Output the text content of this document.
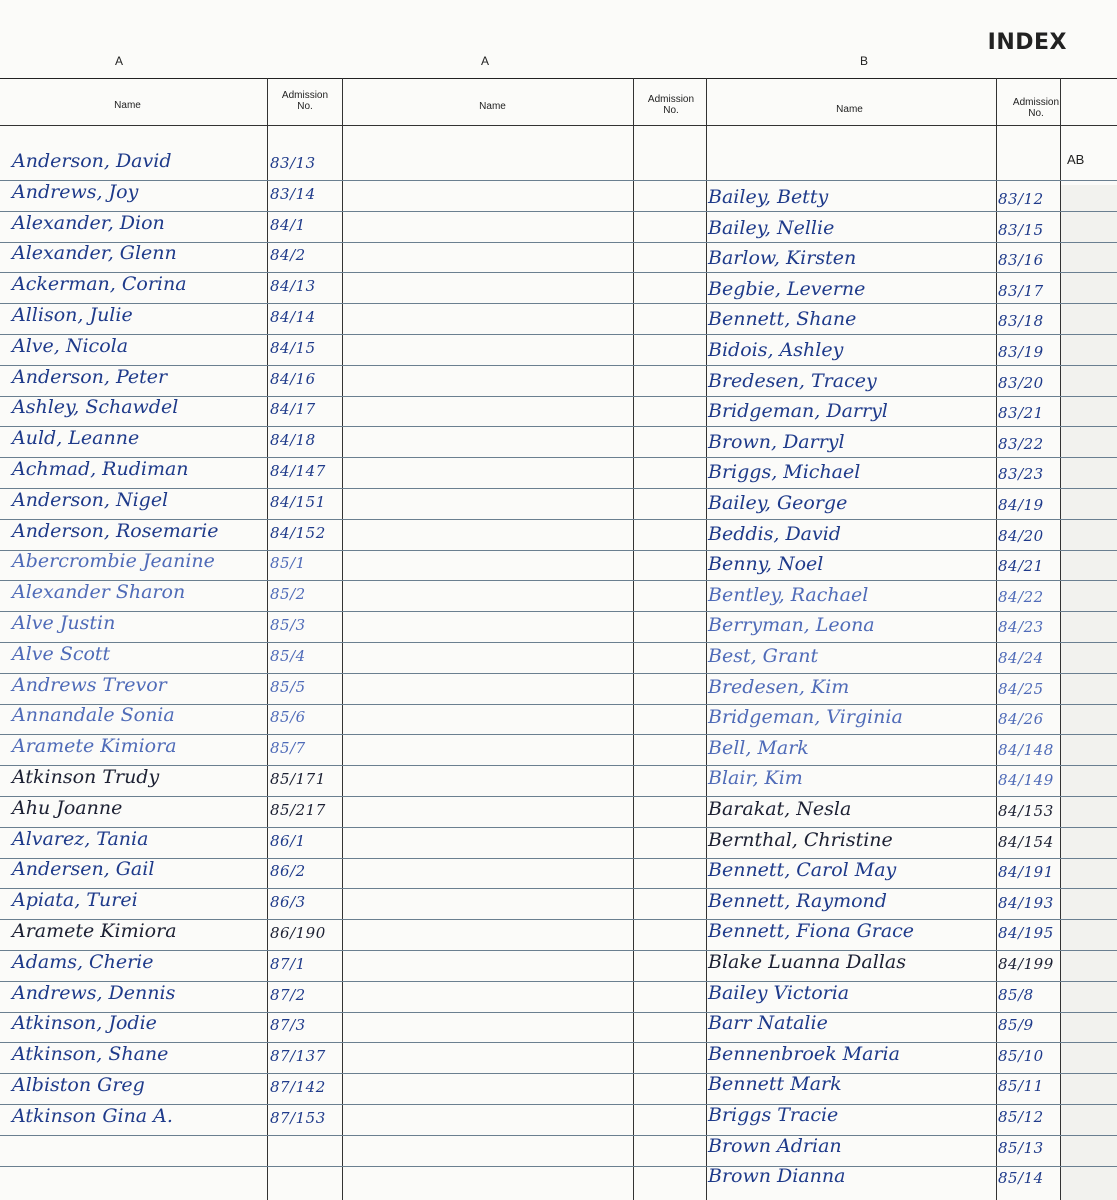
INDEX
A	A	B
AB
Name
Admission
No.	Name
Admission
No.	Name
Admission
No.
Anderson, David	83/13
Andrews, Joy	83/14
Alexander, Dion	84/1
Alexander, Glenn	84/2
Ackerman, Corina	84/13
Allison, Julie	84/14
Alve, Nicola	84/15
Anderson, Peter	84/16
Ashley, Schawdel	84/17
Auld, Leanne	84/18
Achmad, Rudiman	84/147
Anderson, Nigel	84/151
Anderson, Rosemarie	84/152
Abercrombie Jeanine	85/1
Alexander Sharon	85/2
Alve Justin	85/3
Alve Scott	85/4
Andrews Trevor	85/5
Annandale Sonia	85/6
Aramete Kimiora	85/7
Atkinson Trudy	85/171
Ahu Joanne	85/217
Alvarez, Tania	86/1
Andersen, Gail	86/2
Apiata, Turei	86/3
Aramete Kimiora	86/190
Adams, Cherie	87/1
Andrews, Dennis	87/2
Atkinson, Jodie	87/3
Atkinson, Shane	87/137
Albiston Greg	87/142
Atkinson Gina A.	87/153
Bailey, Betty	83/12
Bailey, Nellie	83/15
Barlow, Kirsten	83/16
Begbie, Leverne	83/17
Bennett, Shane	83/18
Bidois, Ashley	83/19
Bredesen, Tracey	83/20
Bridgeman, Darryl	83/21
Brown, Darryl	83/22
Briggs, Michael	83/23
Bailey, George	84/19
Beddis, David	84/20
Benny, Noel	84/21
Bentley, Rachael	84/22
Berryman, Leona	84/23
Best, Grant	84/24
Bredesen, Kim	84/25
Bridgeman, Virginia	84/26
Bell, Mark	84/148
Blair, Kim	84/149
Barakat, Nesla	84/153
Bernthal, Christine	84/154
Bennett, Carol May	84/191
Bennett, Raymond	84/193
Bennett, Fiona Grace	84/195
Blake Luanna Dallas	84/199
Bailey Victoria	85/8
Barr Natalie	85/9
Bennenbroek Maria	85/10
Bennett Mark	85/11
Briggs Tracie	85/12
Brown Adrian	85/13
Brown Dianna	85/14
